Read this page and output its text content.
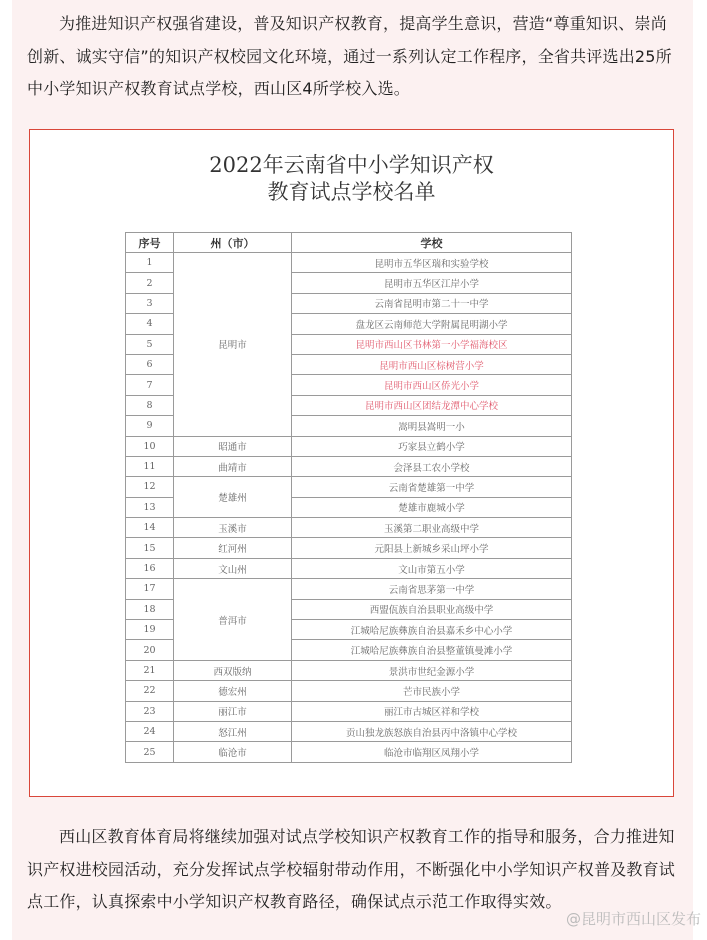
为推进知识产权强省建设，普及知识产权教育，提高学生意识，营造“尊重知识、崇尚创新、诚实守信”的知识产权校园文化环境，通过一系列认定工作程序，全省共评选出25所中小学知识产权教育试点学校，西山区4所学校入选。

2022年云南省中小学知识产权
教育试点学校名单
序号	州（市）	学校
1	昆明市	昆明市五华区瑞和实验学校
2		昆明市五华区江岸小学
3		云南省昆明市第二十一中学
4		盘龙区云南师范大学附属昆明湖小学
5		昆明市西山区书林第一小学福海校区
6		昆明市西山区棕树营小学
7		昆明市西山区侨光小学
8		昆明市西山区团结龙潭中心学校
9		嵩明县嵩明一小
10	昭通市	巧家县立鹤小学
11	曲靖市	会泽县工农小学校
12	楚雄州	云南省楚雄第一中学
13		楚雄市鹿城小学
14	玉溪市	玉溪第二职业高级中学
15	红河州	元阳县上新城乡采山坪小学
16	文山州	文山市第五小学
17	普洱市	云南省思茅第一中学
18		西盟佤族自治县职业高级中学
19		江城哈尼族彝族自治县嘉禾乡中心小学
20		江城哈尼族彝族自治县整董镇曼滩小学
21	西双版纳	景洪市世纪金源小学
22	德宏州	芒市民族小学
23	丽江市	丽江市古城区祥和学校
24	怒江州	贡山独龙族怒族自治县丙中洛镇中心学校
25	临沧市	临沧市临翔区凤翔小学

西山区教育体育局将继续加强对试点学校知识产权教育工作的指导和服务，合力推进知识产权进校园活动，充分发挥试点学校辐射带动作用，不断强化中小学知识产权普及教育试点工作，认真探索中小学知识产权教育路径，确保试点示范工作取得实效。

@昆明市西山区发布
